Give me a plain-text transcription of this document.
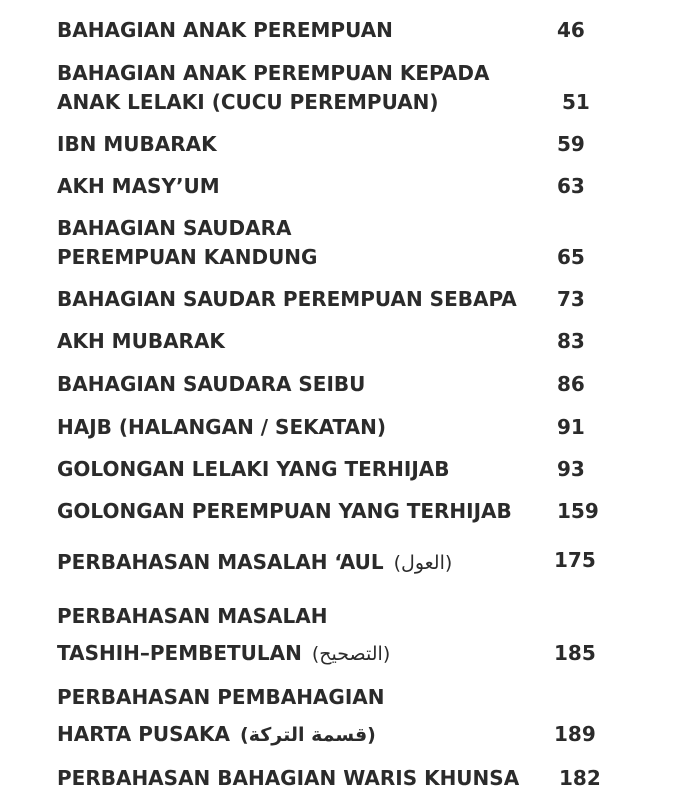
BAHAGIAN ANAK PEREMPUAN	46
BAHAGIAN ANAK PEREMPUAN KEPADA
ANAK LELAKI (CUCU PEREMPUAN)	51
IBN MUBARAK	59
AKH MASY’UM	63
BAHAGIAN SAUDARA
PEREMPUAN KANDUNG	65
BAHAGIAN SAUDAR PEREMPUAN SEBAPA	73
AKH MUBARAK	83
BAHAGIAN SAUDARA SEIBU	86
HAJB (HALANGAN / SEKATAN)	91
GOLONGAN LELAKI YANG TERHIJAB	93
GOLONGAN PEREMPUAN YANG TERHIJAB	159
PERBAHASAN MASALAH ‘AUL (العول)	175
PERBAHASAN MASALAH
TASHIH–PEMBETULAN (التصحيح)	185
PERBAHASAN PEMBAHAGIAN
HARTA PUSAKA (قسمة التركة)	189
PERBAHASAN BAHAGIAN WARIS KHUNSA	182
